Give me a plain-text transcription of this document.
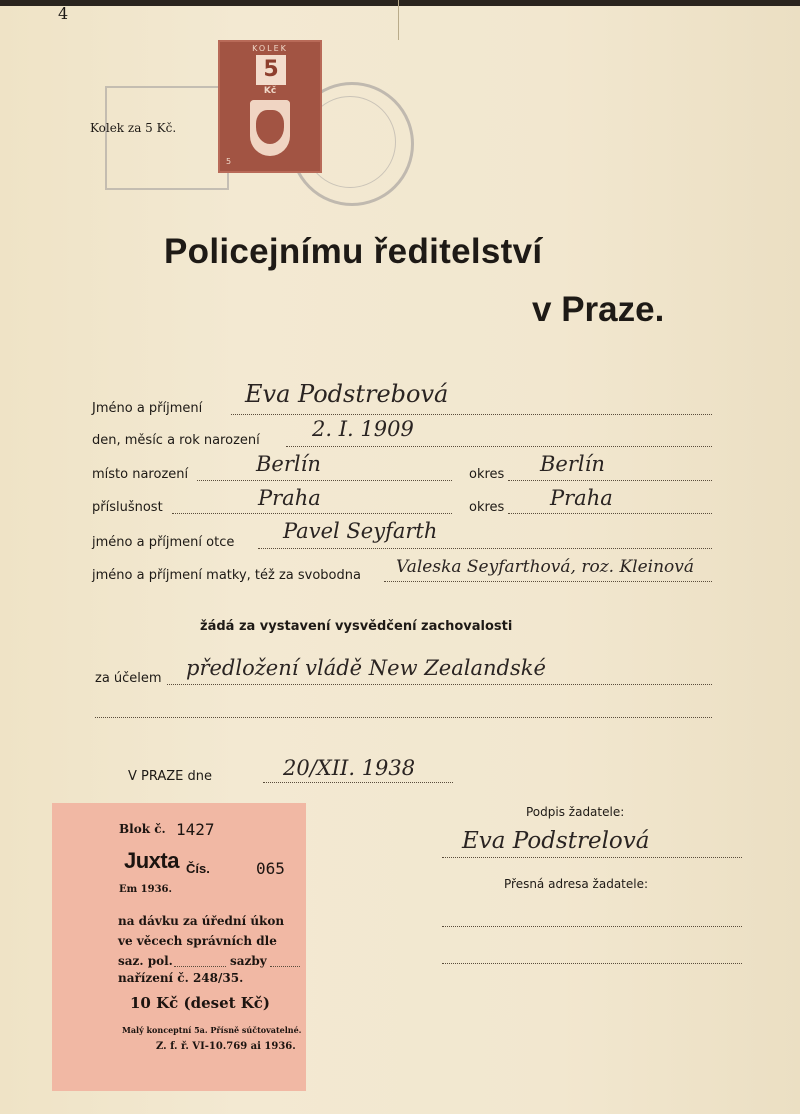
4
Kolek za 5 Kč.
KOLEK
5
Kč
5
Policejnímu ředitelství
v Praze.
Jméno a příjmení
Eva Podstrebová
den, měsíc a rok narození 2. I. 1909
místo narození	Berlín	okres Berlín
příslušnost	Praha	okres Praha
jméno a příjmení otce Pavel Seyfarth
jméno a příjmení matky, též za svobodna Valeska Seyfarthová, roz. Kleinová
žádá za vystavení vysvědčení zachovalosti
za účelem předložení vládě New Zealandské
V PRAZE dne	20/XII. 1938
Podpis žadatele:
Eva Podstrelová
Přesná adresa žadatele:
Blok č. 1427
Juxta Čís.	065
Em 1936.
na dávku za úřední úkon
ve věcech správních dle
saz. pol.	sazby
nařízení č. 248/35.
10 Kč (deset Kč)
Malý konceptní 5a. Přísně súčtovatelné.
Z. f. ř. VI-10.769 ai 1936.
